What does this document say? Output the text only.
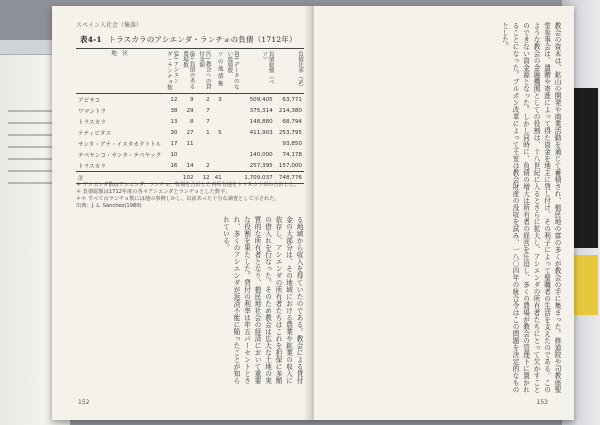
スペイン人社会（集落）
表4-1 トラスカラのアシエンダ・ランチョの負債（1712年）
地　区	(A) アシエンダ・ランチョ数	(B) 負債のある農場数	(C) 教会への貸付金額	ソ の 他 債 権	(D) データのない農場数	負債総額（ペソ）	負債比率（%）
アピサコ	12	9	2	3		509,405	63,771
ワマントラ	38	29	7			375,314	214,380
トラスカラ	13	8	7			148,880	68,794
ナティビタス	30	27	1	5		411,903	253,795
サンタ・アナ・イスタカクトトル	17	11					93,850
テペヤンコ・サンタ・テペヤック	10					140,000	74,178
トラスカラ	16	14	2			257,395	157,000
計		102	12	41		1,709,037	748,776
＊ アシエンダ数はアシエンダ、ランチョ、牧場を合計した再所有地をトラスカラ市の合計した。
＊ 負債総額は1712年度の各々アシエンダとランチョとした数字。
＊＊ すべてのランチョ数には他の事例しかし、以前あった十分な調査として示された。
出典：J. L. Sánchez(1980)
る地域から収入を得ていたのである。教会による貸付金の大部分は、その地域における農業や鉱業の収入に依存し、アシエンダの所有者たちはこれを担保に多額の借入れを行なった。そのため教会は広大な土地の実質的な所有者となり、植民地社会の経済において重要な役割を果たした。貸付の利率は年五パーセントとされ、多くのアシエンダが返済不能に陥ったことが知られている。
152
教会の資本は、鉱山の開発や商業活動を通じて蓄積され、植民地の富の多くが教会の手に集まった。修道院や司教座聖堂参事会は、遺贈や寄進によって得た資金を地主に貸し付け、その利子によって聖職者の生活を支えたのである。このような教会の金融機関としての役割は、十八世紀に入るとさらに拡大し、アシエンダの所有者たちにとって欠かすことのできない資金源となった。しかし同時に、負債の増大は所有者の経営を圧迫し、多くの農場が教会の管理下に置かれることになった。ブルボン改革によって王室は教会財産の没収を試み、一八〇四年の統合令はこの問題を決定的なものとした。
153
